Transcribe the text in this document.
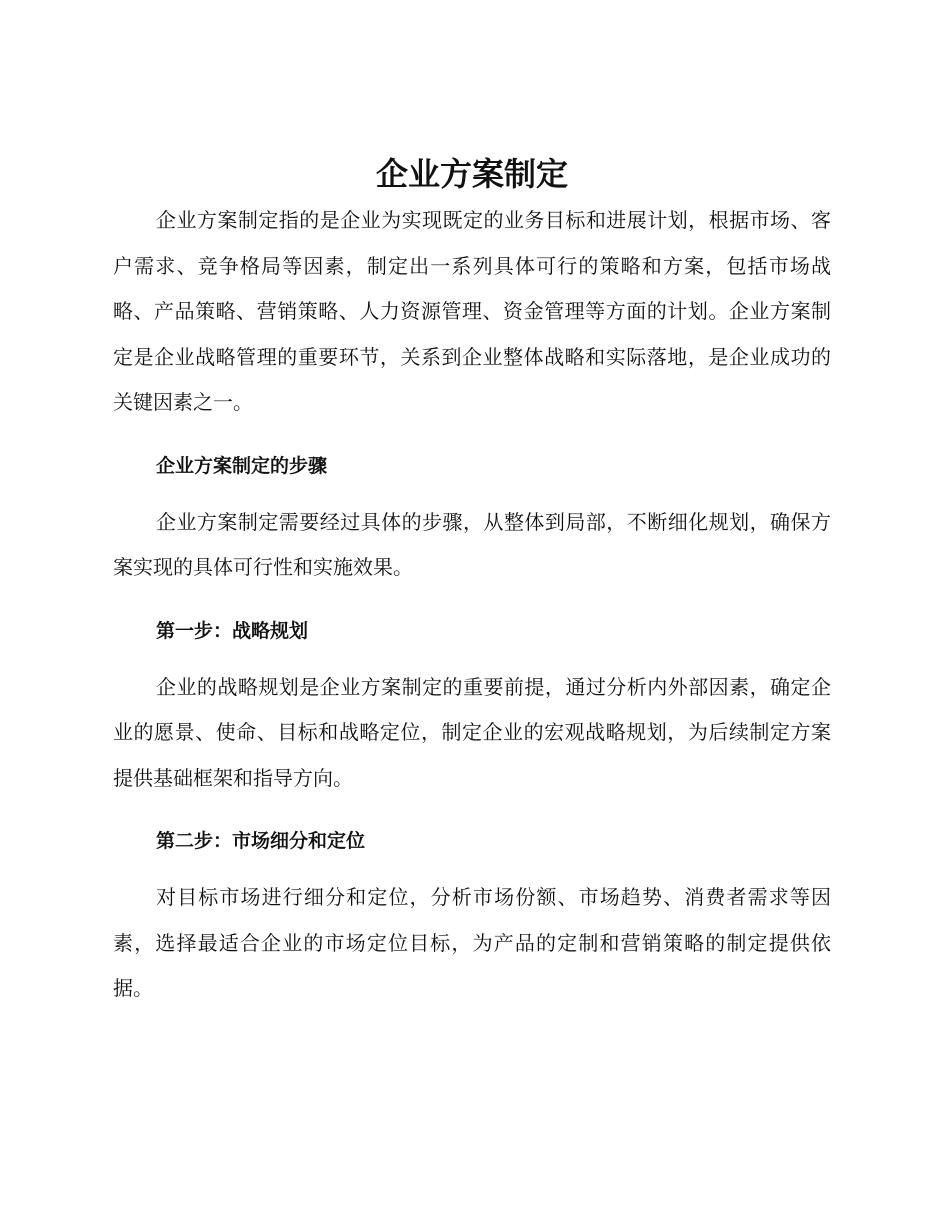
企业方案制定

企业方案制定指的是企业为实现既定的业务目标和进展计划，根据市场、客户需求、竞争格局等因素，制定出一系列具体可行的策略和方案，包括市场战略、产品策略、营销策略、人力资源管理、资金管理等方面的计划。企业方案制定是企业战略管理的重要环节，关系到企业整体战略和实际落地，是企业成功的关键因素之一。

企业方案制定的步骤

企业方案制定需要经过具体的步骤，从整体到局部，不断细化规划，确保方案实现的具体可行性和实施效果。

第一步：战略规划

企业的战略规划是企业方案制定的重要前提，通过分析内外部因素，确定企业的愿景、使命、目标和战略定位，制定企业的宏观战略规划，为后续制定方案提供基础框架和指导方向。

第二步：市场细分和定位

对目标市场进行细分和定位，分析市场份额、市场趋势、消费者需求等因素，选择最适合企业的市场定位目标，为产品的定制和营销策略的制定提供依据。
